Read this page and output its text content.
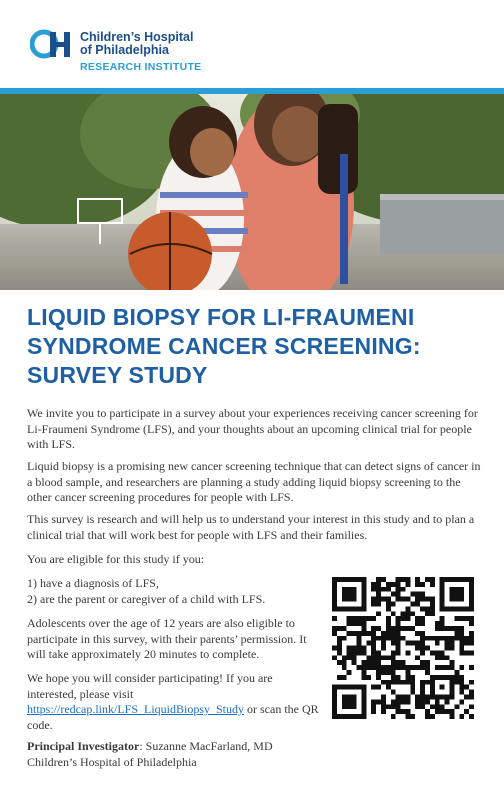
Children’s Hospital
of Philadelphia
RESEARCH INSTITUTE
LIQUID BIOPSY FOR LI-FRAUMENI
SYNDROME CANCER SCREENING:
SURVEY STUDY

We invite you to participate in a survey about your experiences receiving cancer screening for Li-Fraumeni Syndrome (LFS), and your thoughts about an upcoming clinical trial for people with LFS.

Liquid biopsy is a promising new cancer screening technique that can detect signs of cancer in a blood sample, and researchers are planning a study adding liquid biopsy screening to the other cancer screening procedures for people with LFS.

This survey is research and will help us to understand your interest in this study and to plan a clinical trial that will work best for people with LFS and their families.

You are eligible for this study if you:

1) have a diagnosis of LFS,
2) are the parent or caregiver of a child with LFS.

Adolescents over the age of 12 years are also eligible to participate in this survey, with their parents’ permission. It will take approximately 20 minutes to complete.

We hope you will consider participating! If you are interested, please visit
https://redcap.link/LFS_LiquidBiopsy_Study or scan the QR code.

Principal Investigator: Suzanne MacFarland, MD
Children’s Hospital of Philadelphia
